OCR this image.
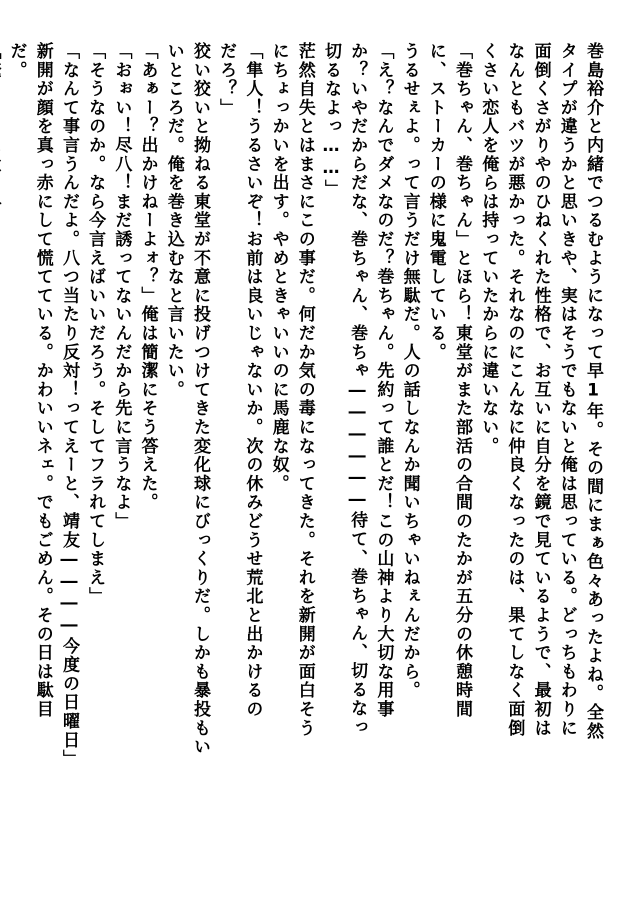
巻島裕介と内緒でつるむようになって早1年。その間にまぁ色々あったよね。全然
タイプが違うかと思いきや、実はそうでもないと俺は思っている。どっちもわりに
面倒くさがりやのひねくれた性格で、お互いに自分を鏡で見ているようで、最初は
なんともバツが悪かった。それなのにこんなに仲良くなったのは、果てしなく面倒
くさい恋人を俺らは持っていたからに違いない。
「巻ちゃん、巻ちゃん」とほら！東堂がまた部活の合間のたかが五分の休憩時間
に、ストーカーの様に鬼電している。
うるせぇよ。って言うだけ無駄だ。人の話しなんか聞いちゃいねぇんだから。
「え？なんでダメなのだ？巻ちゃん。先約って誰とだ！この山神より大切な用事
か？いやだからだな、巻ちゃん、巻ちゃ――――――待て、巻ちゃん、切るなっ
切るなよっ……」
茫然自失とはまさにこの事だ。何だか気の毒になってきた。それを新開が面白そう
にちょっかいを出す。やめときゃいいのに馬鹿な奴。
「隼人！うるさいぞ！お前は良いじゃないか。次の休みどうせ荒北と出かけるの
だろ？」
狡い狡いと拗ねる東堂が不意に投げつけてきた変化球にびっくりだ。しかも暴投もい
いところだ。俺を巻き込むなと言いたい。
「あぁー？出かけねーよォ？」俺は簡潔にそう答えた。
「おぉい！尽八！まだ誘ってないんだから先に言うなよ」
「そうなのか。なら今言えばいいだろう。そしてフラれてしまえ」
「なんて事言うんだよ。八つ当たり反対！ってえーと、靖友――――今度の日曜日」
新開が顔を真っ赤にして慌てている。かわいいネェ。でもごめん。その日は駄目
だ。
